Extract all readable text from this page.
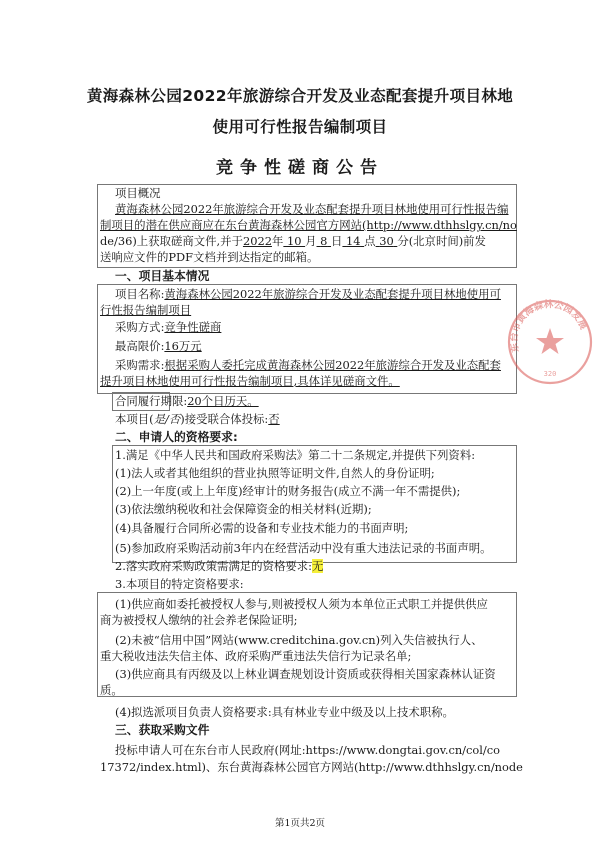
黄海森林公园2022年旅游综合开发及业态配套提升项目林地
使用可行性报告编制项目
竞争性磋商公告
项目概况
黄海森林公园2022年旅游综合开发及业态配套提升项目林地使用可行性报告编
制项目的潜在供应商应在东台黄海森林公园官方网站(http://www.dthhslgy.cn/no
de/36)上获取磋商文件,并于2022年 10 月 8 日 14 点 30 分(北京时间)前发
送响应文件的PDF文档并到达指定的邮箱。
一、项目基本情况
项目名称:黄海森林公园2022年旅游综合开发及业态配套提升项目林地使用可
行性报告编制项目
采购方式:竞争性磋商
最高限价:16万元
采购需求:根据采购人委托完成黄海森林公园2022年旅游综合开发及业态配套
提升项目林地使用可行性报告编制项目,具体详见磋商文件。
合同履行期限:20个日历天。
本项目(是/否)接受联合体投标:否
二、申请人的资格要求:
1.满足《中华人民共和国政府采购法》第二十二条规定,并提供下列资料:
(1)法人或者其他组织的营业执照等证明文件,自然人的身份证明;
(2)上一年度(或上上年度)经审计的财务报告(成立不满一年不需提供);
(3)依法缴纳税收和社会保障资金的相关材料(近期);
(4)具备履行合同所必需的设备和专业技术能力的书面声明;
(5)参加政府采购活动前3年内在经营活动中没有重大违法记录的书面声明。
2.落实政府采购政策需满足的资格要求:无
3.本项目的特定资格要求:
(1)供应商如委托被授权人参与,则被授权人须为本单位正式职工并提供供应
商为被授权人缴纳的社会养老保险证明;
(2)未被“信用中国”网站(www.creditchina.gov.cn)列入失信被执行人、
重大税收违法失信主体、政府采购严重违法失信行为记录名单;
(3)供应商具有丙级及以上林业调查规划设计资质或获得相关国家森林认证资
质。
(4)拟选派项目负责人资格要求:具有林业专业中级及以上技术职称。
三、获取采购文件
投标申请人可在东台市人民政府(网址:https://www.dongtai.gov.cn/col/co
17372/index.html)、东台黄海森林公园官方网站(http://www.dthhslgy.cn/node
东台市黄海森林公园发展
320
第1页共2页
